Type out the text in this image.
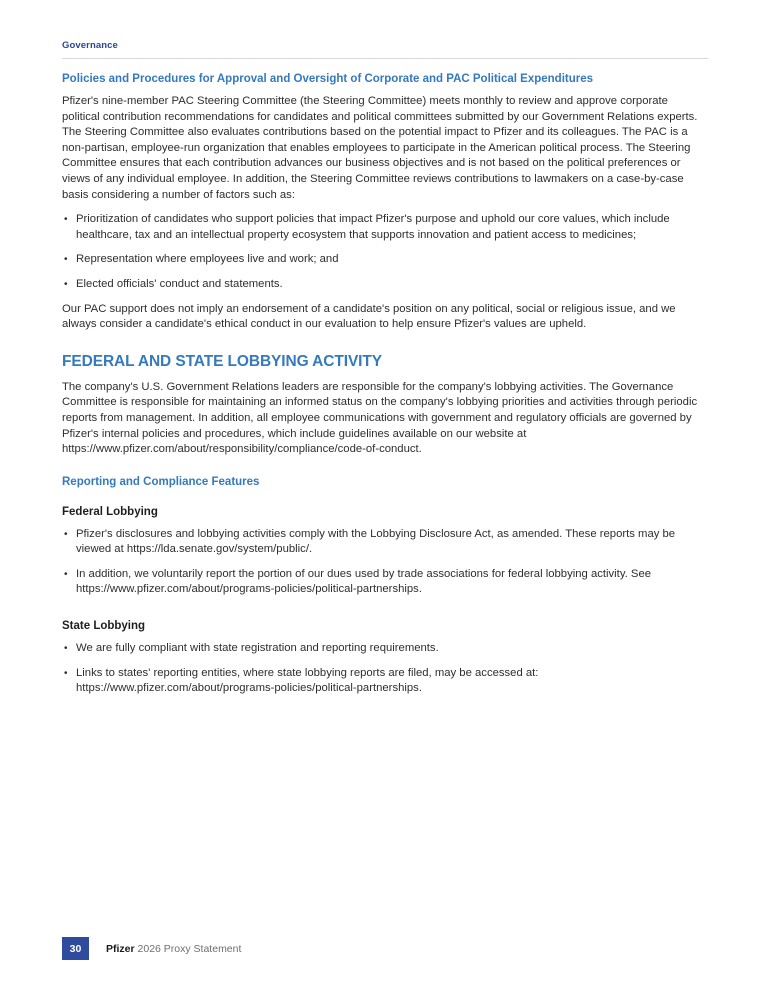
Governance
Policies and Procedures for Approval and Oversight of Corporate and PAC Political Expenditures

Pfizer's nine-member PAC Steering Committee (the Steering Committee) meets monthly to review and approve corporate political contribution recommendations for candidates and political committees submitted by our Government Relations experts. The Steering Committee also evaluates contributions based on the potential impact to Pfizer and its colleagues. The PAC is a non-partisan, employee-run organization that enables employees to participate in the American political process. The Steering Committee ensures that each contribution advances our business objectives and is not based on the political preferences or views of any individual employee. In addition, the Steering Committee reviews contributions to lawmakers on a case-by-case basis considering a number of factors such as:

• Prioritization of candidates who support policies that impact Pfizer's purpose and uphold our core values, which include healthcare, tax and an intellectual property ecosystem that supports innovation and patient access to medicines;
• Representation where employees live and work; and
• Elected officials' conduct and statements.

Our PAC support does not imply an endorsement of a candidate's position on any political, social or religious issue, and we always consider a candidate's ethical conduct in our evaluation to help ensure Pfizer's values are upheld.

FEDERAL AND STATE LOBBYING ACTIVITY

The company's U.S. Government Relations leaders are responsible for the company's lobbying activities. The Governance Committee is responsible for maintaining an informed status on the company's lobbying priorities and activities through periodic reports from management. In addition, all employee communications with government and regulatory officials are governed by Pfizer's internal policies and procedures, which include guidelines available on our website at https://www.pfizer.com/about/responsibility/compliance/code-of-conduct.

Reporting and Compliance Features
Federal Lobbying
• Pfizer's disclosures and lobbying activities comply with the Lobbying Disclosure Act, as amended. These reports may be viewed at https://lda.senate.gov/system/public/.
• In addition, we voluntarily report the portion of our dues used by trade associations for federal lobbying activity. See https://www.pfizer.com/about/programs-policies/political-partnerships.
State Lobbying
• We are fully compliant with state registration and reporting requirements.
• Links to states' reporting entities, where state lobbying reports are filed, may be accessed at: https://www.pfizer.com/about/programs-policies/political-partnerships.
30	Pfizer 2026 Proxy Statement
